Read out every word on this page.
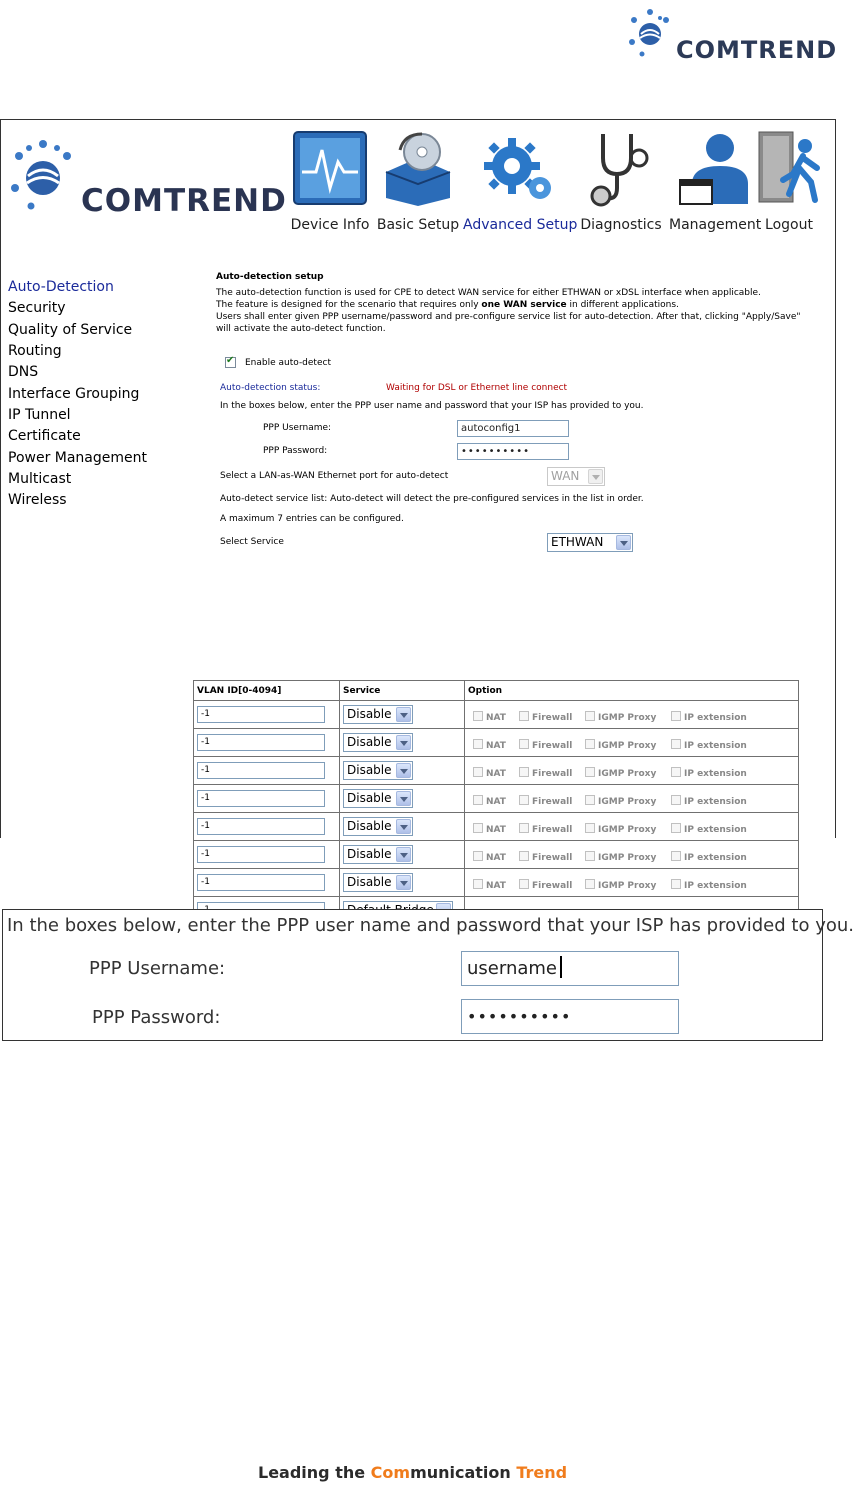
COMTREND
COMTREND
Device Info Basic Setup Advanced Setup Diagnostics Management Logout
Auto-Detection
Security
Quality of Service
Routing
DNS
Interface Grouping
IP Tunnel
Certificate
Power Management
Multicast
Wireless
Auto-detection setup
The auto-detection function is used for CPE to detect WAN service for either ETHWAN or xDSL interface when applicable.
The feature is designed for the scenario that requires only one WAN service in different applications.
Users shall enter given PPP username/password and pre-configure service list for auto-detection. After that, clicking "Apply/Save"
will activate the auto-detect function.
✔
Enable auto-detect
Auto-detection status:	Waiting for DSL or Ethernet line connect
In the boxes below, enter the PPP user name and password that your ISP has provided to you.
PPP Username:	autoconfig1
PPP Password:	••••••••••
Select a LAN-as-WAN Ethernet port for auto-detect	WAN
Auto-detect service list: Auto-detect will detect the pre-configured services in the list in order.
A maximum 7 entries can be configured.
Select Service	ETHWAN
VLAN ID[0-4094]	Service	Option

-1	Disable	NAT Firewall IGMP Proxy IP extension

-1	Disable	NAT Firewall IGMP Proxy IP extension

-1	Disable	NAT Firewall IGMP Proxy IP extension

-1	Disable	NAT Firewall IGMP Proxy IP extension

-1	Disable	NAT Firewall IGMP Proxy IP extension

-1	Disable	NAT Firewall IGMP Proxy IP extension

-1	Disable	NAT Firewall IGMP Proxy IP extension

In the boxes below, enter the PPP user name and password that your ISP has provided to you.
PPP Username:	username
PPP Password:	••••••••••
Leading the Communication Trend
